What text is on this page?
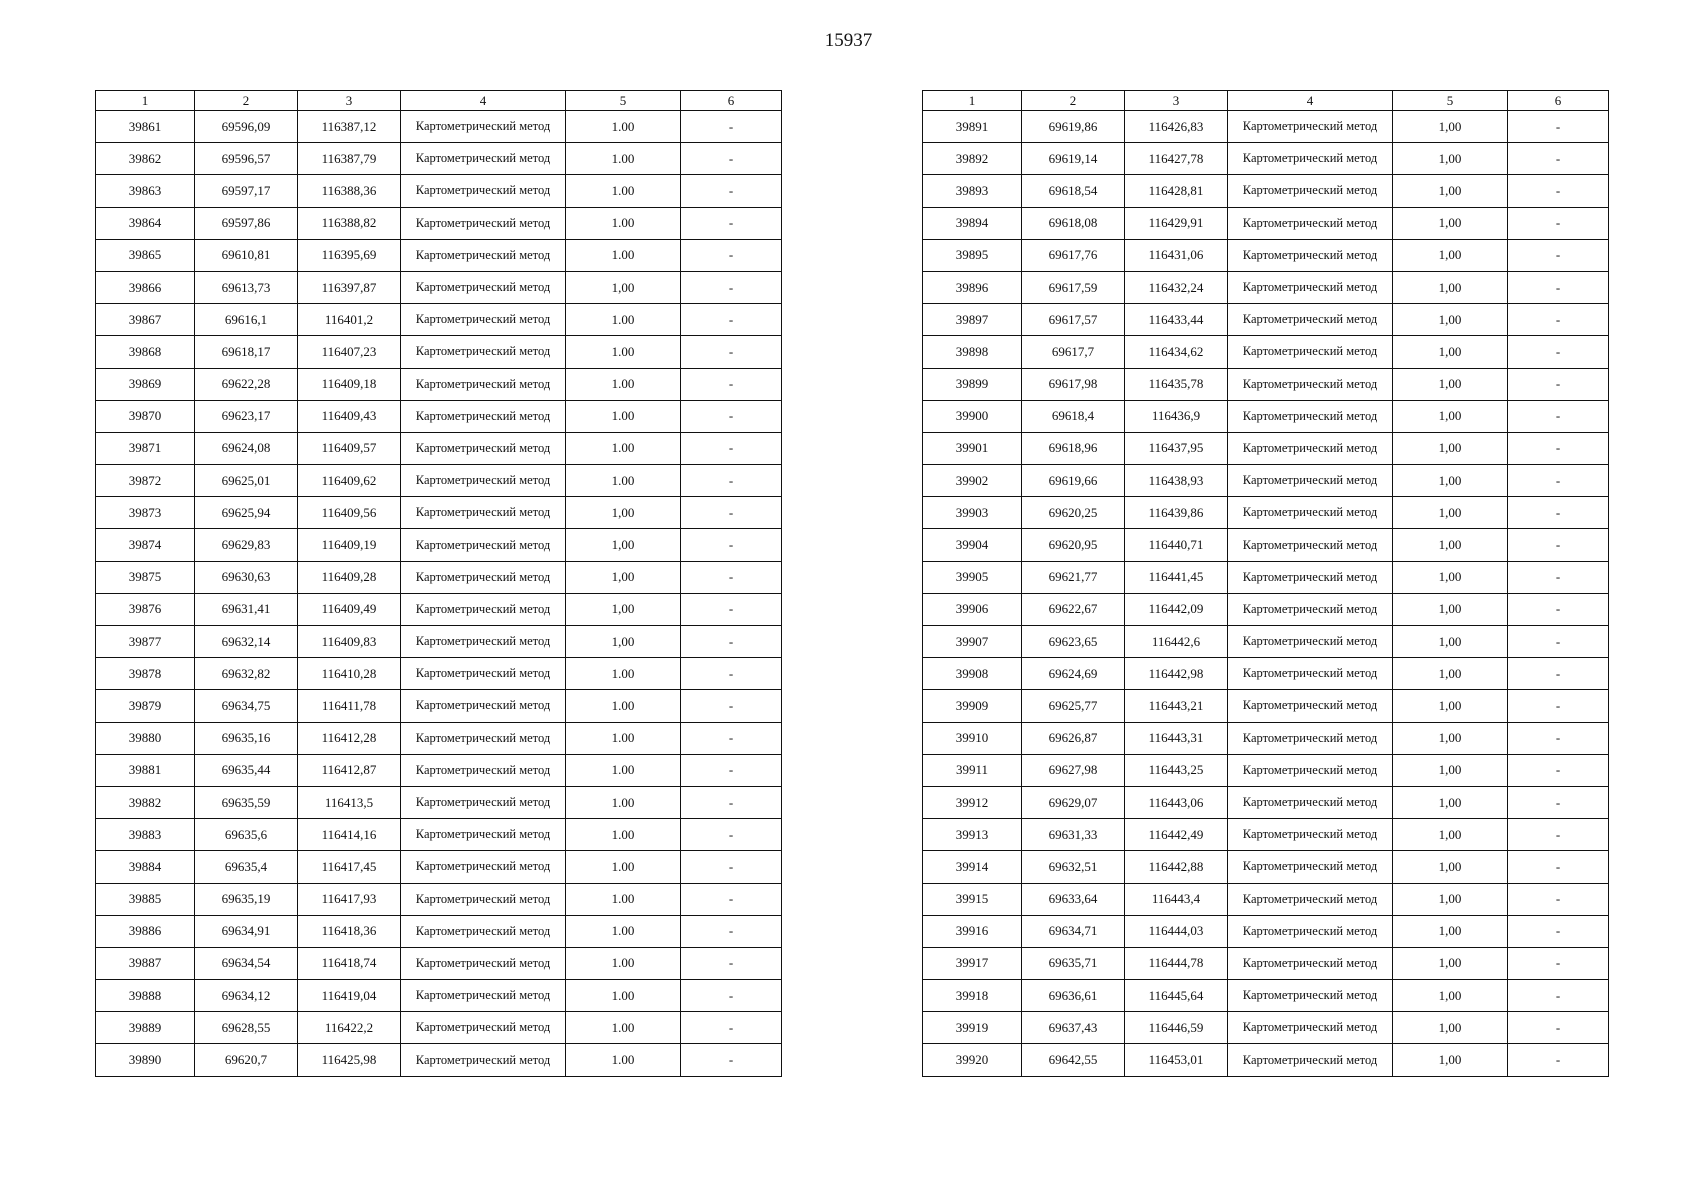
15937
1	2	3	4	5	6
39861	69596,09	116387,12	Картометрический метод	1.00	-
39862	69596,57	116387,79	Картометрический метод	1.00	-
39863	69597,17	116388,36	Картометрический метод	1.00	-
39864	69597,86	116388,82	Картометрический метод	1.00	-
39865	69610,81	116395,69	Картометрический метод	1.00	-
39866	69613,73	116397,87	Картометрический метод	1,00	-
39867	69616,1	116401,2	Картометрический метод	1.00	-
39868	69618,17	116407,23	Картометрический метод	1.00	-
39869	69622,28	116409,18	Картометрический метод	1.00	-
39870	69623,17	116409,43	Картометрический метод	1.00	-
39871	69624,08	116409,57	Картометрический метод	1.00	-
39872	69625,01	116409,62	Картометрический метод	1.00	-
39873	69625,94	116409,56	Картометрический метод	1,00	-
39874	69629,83	116409,19	Картометрический метод	1,00	-
39875	69630,63	116409,28	Картометрический метод	1,00	-
39876	69631,41	116409,49	Картометрический метод	1,00	-
39877	69632,14	116409,83	Картометрический метод	1,00	-
39878	69632,82	116410,28	Картометрический метод	1.00	-
39879	69634,75	116411,78	Картометрический метод	1.00	-
39880	69635,16	116412,28	Картометрический метод	1.00	-
39881	69635,44	116412,87	Картометрический метод	1.00	-
39882	69635,59	116413,5	Картометрический метод	1.00	-
39883	69635,6	116414,16	Картометрический метод	1.00	-
39884	69635,4	116417,45	Картометрический метод	1.00	-
39885	69635,19	116417,93	Картометрический метод	1.00	-
39886	69634,91	116418,36	Картометрический метод	1.00	-
39887	69634,54	116418,74	Картометрический метод	1.00	-
39888	69634,12	116419,04	Картометрический метод	1.00	-
39889	69628,55	116422,2	Картометрический метод	1.00	-
39890	69620,7	116425,98	Картометрический метод	1.00	-
1	2	3	4	5	6
39891	69619,86	116426,83	Картометрический метод	1,00	-
39892	69619,14	116427,78	Картометрический метод	1,00	-
39893	69618,54	116428,81	Картометрический метод	1,00	-
39894	69618,08	116429,91	Картометрический метод	1,00	-
39895	69617,76	116431,06	Картометрический метод	1,00	-
39896	69617,59	116432,24	Картометрический метод	1,00	-
39897	69617,57	116433,44	Картометрический метод	1,00	-
39898	69617,7	116434,62	Картометрический метод	1,00	-
39899	69617,98	116435,78	Картометрический метод	1,00	-
39900	69618,4	116436,9	Картометрический метод	1,00	-
39901	69618,96	116437,95	Картометрический метод	1,00	-
39902	69619,66	116438,93	Картометрический метод	1,00	-
39903	69620,25	116439,86	Картометрический метод	1,00	-
39904	69620,95	116440,71	Картометрический метод	1,00	-
39905	69621,77	116441,45	Картометрический метод	1,00	-
39906	69622,67	116442,09	Картометрический метод	1,00	-
39907	69623,65	116442,6	Картометрический метод	1,00	-
39908	69624,69	116442,98	Картометрический метод	1,00	-
39909	69625,77	116443,21	Картометрический метод	1,00	-
39910	69626,87	116443,31	Картометрический метод	1,00	-
39911	69627,98	116443,25	Картометрический метод	1,00	-
39912	69629,07	116443,06	Картометрический метод	1,00	-
39913	69631,33	116442,49	Картометрический метод	1,00	-
39914	69632,51	116442,88	Картометрический метод	1,00	-
39915	69633,64	116443,4	Картометрический метод	1,00	-
39916	69634,71	116444,03	Картометрический метод	1,00	-
39917	69635,71	116444,78	Картометрический метод	1,00	-
39918	69636,61	116445,64	Картометрический метод	1,00	-
39919	69637,43	116446,59	Картометрический метод	1,00	-
39920	69642,55	116453,01	Картометрический метод	1,00	-
